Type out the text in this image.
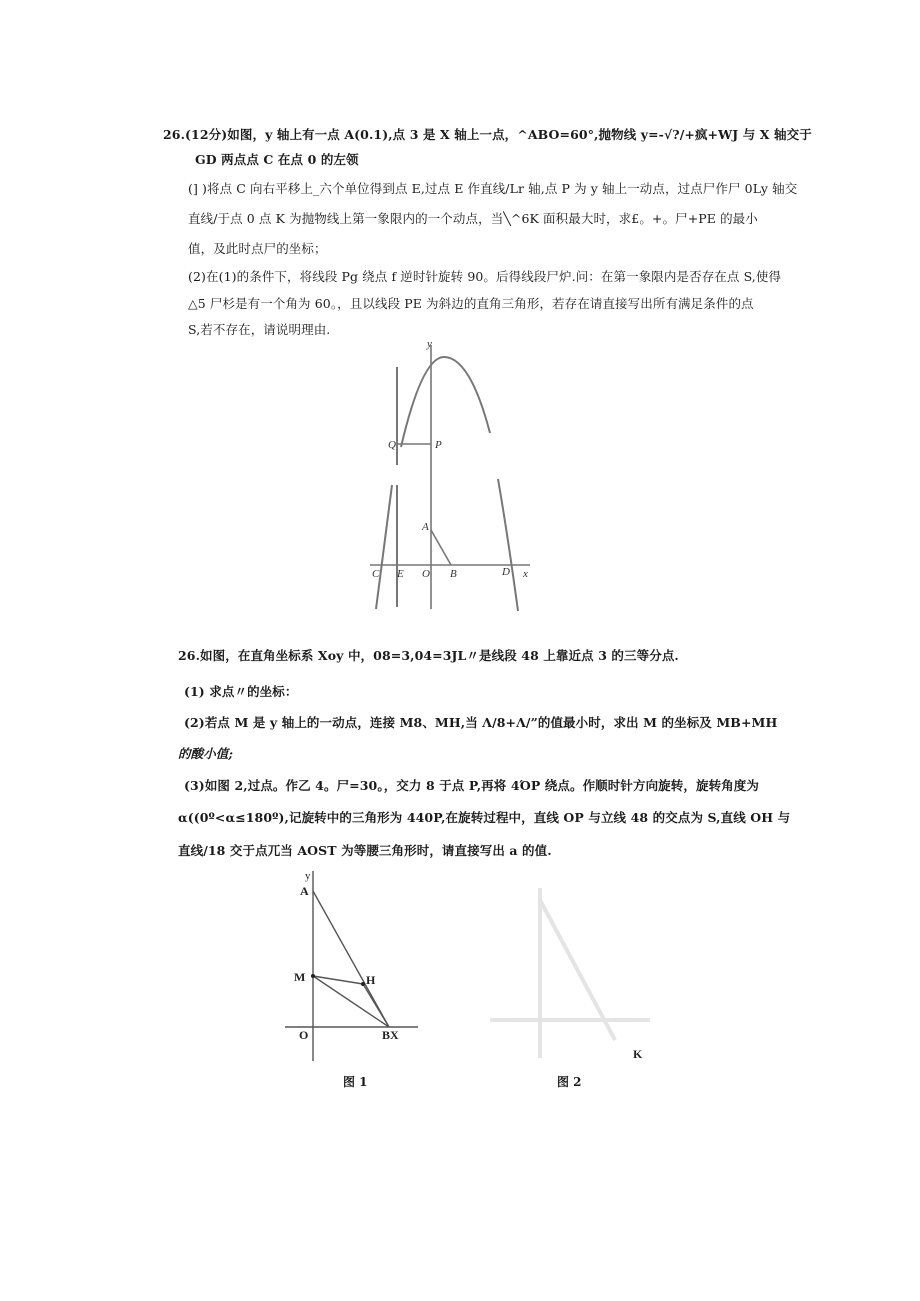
26.(12分)如图，y 轴上有一点 A(0.1),点 3 是 X 轴上一点，^ABO=60°,抛物线 y=-√?/+疯+WJ 与 X 轴交于
GD 两点点 C 在点 0 的左领
(] )将点 C 向右平移上_六个单位得到点 E,过点 E 作直线/Lr 轴,点 P 为 y 轴上一动点，过点尸作尸 0Ly 轴交
直线/于点 0 点 K 为抛物线上第一象限内的一个动点，当╲^6K 面积最大时，求£。+。尸+PE 的最小
值，及此时点尸的坐标；
(2)在(1)的条件下，将线段 Pg 绕点 f 逆时针旋转 90。后得线段尸炉.问：在第一象限内是否存在点 S,使得
△5 尸杉是有一个角为 60。，且以线段 PE 为斜边的直角三角形，若存在请直接写出所有满足条件的点
S,若不存在，请说明理由.
y
Q	P
A
C E O B	D x
26.如图，在直角坐标系 Xoy 中，08=3,04=3JL〃是线段 48 上靠近点 3 的三等分点.
(1) 求点〃的坐标：
(2)若点 M 是 y 轴上的一动点，连接 M8、MH,当 Λ/8+Λ/”的值最小时，求出 M 的坐标及 MB+MH
的酸小值;
(3)如图 2,过点。作乙 4。尸=30。，交力 8 于点 P,再将 4ΌP 绕点。作顺时针方向旋转，旋转角度为
α((0º<α≤180º),记旋转中的三角形为 440P,在旋转过程中，直线 OP 与立线 48 的交点为 S,直线 OH 与
直线/18 交于点兀当 AOST 为等腰三角形时，请直接写出 a 的值.
y
A
M	H
O	BX
K
图 1	图 2
